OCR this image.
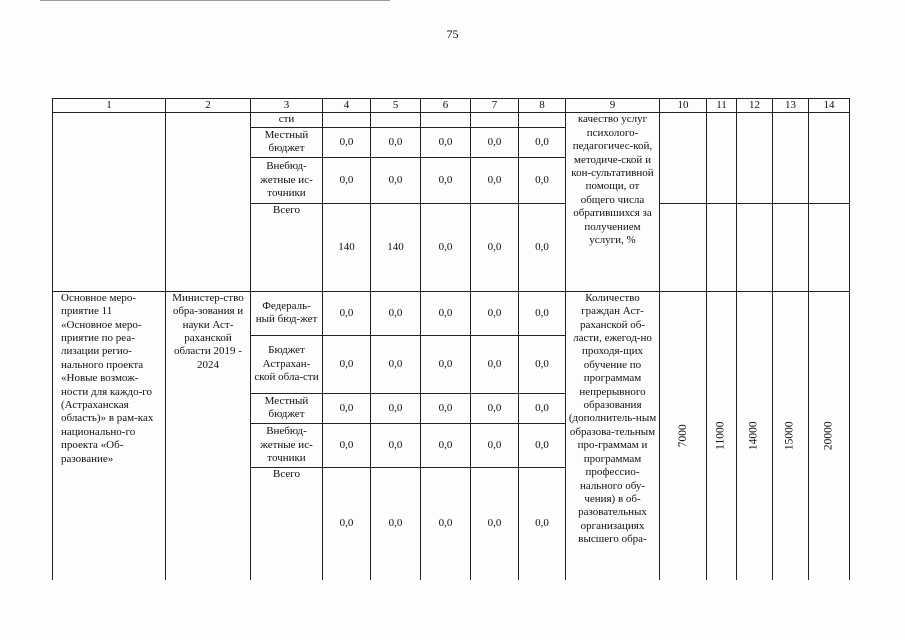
75
1	2	3	4	5	6	7	8	9	10	11	12	13	14
		сти						качество услуг психолого-педагогичес-кой, методиче-ской и кон-сультативной помощи, от общего числа обратившихся за получением услуги, %					
		Местный бюджет	0,0	0,0	0,0	0,0	0,0						
		Внебюд-жетные ис-точники	0,0	0,0	0,0	0,0	0,0						
		Всего	140	140	0,0	0,0	0,0						
Основное меро-приятие 11 «Основное меро-приятие по реа-лизации регио-нального проекта «Новые возмож-ности для каждо-го (Астраханская область)» в рам-ках национально-го проекта «Об-разование»	Министер-ство обра-зования и науки Аст-раханской области 2019 - 2024	Федераль-ный бюд-жет	0,0	0,0	0,0	0,0	0,0	Количество граждан Аст-раханской об-ласти, ежегод-но проходя-щих обучение по программам непрерывного образования (дополнитель-ным образова-тельным про-граммам и программам профессио-нального обу-чения) в об-разовательных организациях высшего обра-	7000	11000	14000	15000	20000
		Бюджет Астрахан-ской обла-сти	0,0	0,0	0,0	0,0	0,0						
		Местный бюджет	0,0	0,0	0,0	0,0	0,0						
		Внебюд-жетные ис-точники	0,0	0,0	0,0	0,0	0,0						
		Всего	0,0	0,0	0,0	0,0	0,0						
